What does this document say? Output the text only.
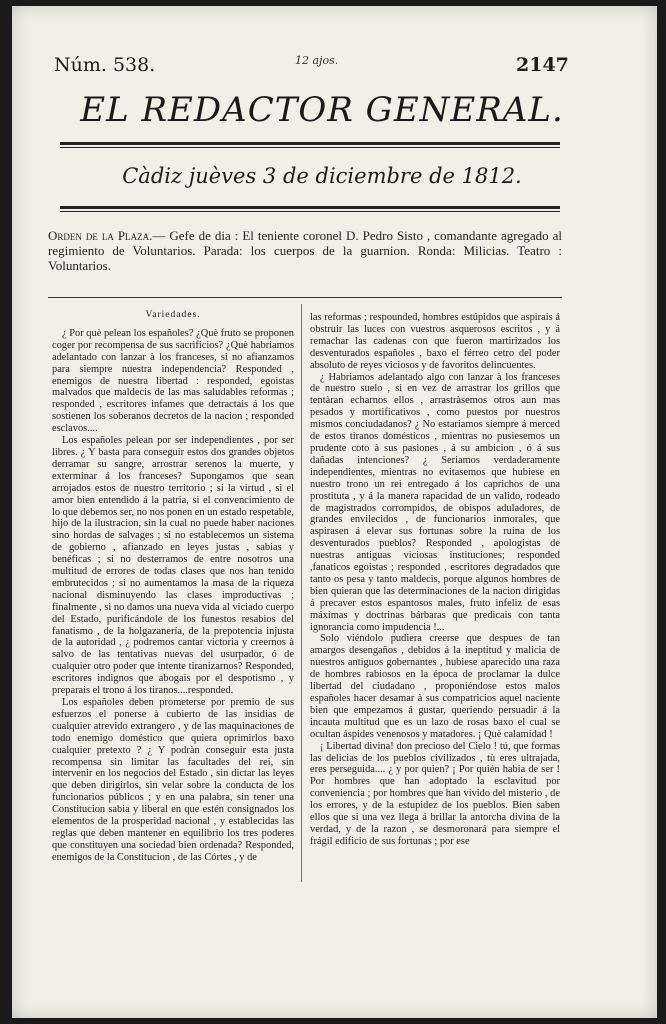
Núm. 538.	12 ajos.	2147
EL REDACTOR GENERAL.
Càdiz juèves 3 de diciembre de 1812.
Orden de la Plaza.— Gefe de dia : El teniente coronel D. Pedro Sisto , comandante agregado al regimiento de Voluntarios. Parada: los cuerpos de la guarnion. Ronda: Milicias. Teatro : Voluntarios.
Variedades.

¿ Por què pelean los españoles? ¿Què fruto se proponen coger por recompensa de sus sacrificios? ¿Què habriamos adelantado con lanzar à los franceses, si no afianzamos para siempre nuestra independencia? Responded , enemigos de nuestra libertad : responded, egoistas malvados que maldecis de las mas saludables reformas ; responded , escritores infames que detractais á los que sostienen los soberanos decretos de la nacion ; responded esclavos....

Los españoles pelean por ser independientes , por ser libres. ¿ Y basta para conseguir estos dos grandes objetos derramar su sangre, arrostrar serenos la muerte, y exterminar á los franceses? Supongamos que sean arrojados estos de nuestro territorio ; si la virtud , si el amor bien entendido á la patria, si el convencimiento de lo que debemos ser, no nos ponen en un estado respetable, hijo de la ilustracion, sin la cual no puede haber naciones sino hordas de salvages ; si no establecemos un sistema de gobierno , afianzado en leyes justas , sabias y benéficas ; si no desterramos de entre nosotros una multitud de errores de todas clases que nos han tenido embrutecidos ; si no aumentamos la masa de la riqueza nacional disminuyendo las clases improductivas ; finalmente , si no damos una nueva vida al viciado cuerpo del Estado, purificándole de los funestos resabios del fanatismo , de la holgazanería, de la prepotencia injusta de la autoridad , ¿ podremos cantar victoria y creernos à salvo de las tentativas nuevas del usurpador, ó de cualquier otro poder que intente tiranizarnos? Responded, escritores indignos que abogais por el despotismo , y preparais el trono á los tiranos....responded.

Los españoles deben prometerse por premio de sus esfuerzos el ponerse à cubierto de las insidias de cualquier atrevido extrangero , y de las maquinaciones de todo enemigo doméstico que quiera oprimirlos baxo cualquier pretexto ? ¿ Y podràn conseguir esta justa recompensa sin limitar las facultades del rei, sin intervenir en los negocios del Estado , sin dictar las leyes que deben dirigirlos, sin velar sobre la conducta de los funcionarios públicos ; y en una palabra, sin tener una Constitucion sabia y liberal en que estén consignados los elementos de la prosperidad nacional , y establecidas las reglas que deben mantener en equilibrio los tres poderes que constituyen una sociedad bien ordenada? Responded, enemigos de la Constitucion , de las Córtes , y de

las reformas ; respounded, hombres estúpidos que aspirais á obstruir las luces con vuestros asquerosos escritos , y á remachar las cadenas con que fueron martirizados los desventurados españoles , baxo el férreo cetro del poder absoluto de reyes viciosos y de favoritos delincuentes.

¿ Habriamos adelantado algo con lanzar à los franceses de nuestro suelo , si en vez de arrastrar los grillos que tentàran echarnos ellos , arrastràsemos otros aun mas pesados y mortificativos , como puestos por nuestros mismos conciudadanos? ¿ No estariamos siempre á merced de estos tiranos domésticos , mientras no pusiesemos un prudente coto à sus pasiones , á su ambicion , ó á sus dañadas intenciones? ¿ Seriamos verdaderamente independientes, mientras no evitasemos que hubiese en nuestro trono un rei entregado á los caprichos de una prostituta , y á la manera rapacidad de un valido, rodeado de magistrados corrompidos, de obispos aduladores, de grandes envilecidos , de funcionarios inmorales, que aspirasen á elevar sus fortunas sobre la ruina de los desventurados pueblos? Responded , apologistas de nuestras antiguas viciosas instituciones; responded ,fanaticos egoistas ; responded , escritores degradados que tanto os pesa y tanto maldecis, porque algunos hombres de bien quieran que las determinaciones de la nacion dirigidas á precaver estos espantosos males, fruto infeliz de esas máximas y doctrinas bárbaras que predicais con tanta ignorancia como impudencia !...

Solo viéndolo pudiera creerse que despues de tan amargos desengaños , debidos á la ineptitud y malicia de nuestros antiguos gobernantes , hubiese aparecido una raza de hombres rabiosos en la época de proclamar la dulce libertad del ciudadano , proponiéndose estos malos españoles hacer desamar à sus compatricios aquel naciente bien que empezamos á gustar, queriendo persuadir á la incauta multitud que es un lazo de rosas baxo el cual se ocultan áspides venenosos y matadores. ¡ Què calamidad !

¡ Libertad divina! don precioso del Cielo ! tú, que formas las delicias de los pueblos civilizados , tù eres ultrajada, eres perseguida.... ¿ y por quien? ¡ Por quién habia de ser ! Por hombres que han adoptado la esclavitud por conveniencia ; por hombres que han vivido del misterio , de los errores, y de la estupidez de los pueblos. Bien saben ellos que si una vez llega á brillar la antorcha divina de la verdad, y de la razon , se desmoronará para siempre el frágil edificio de sus fortunas ; por ese
